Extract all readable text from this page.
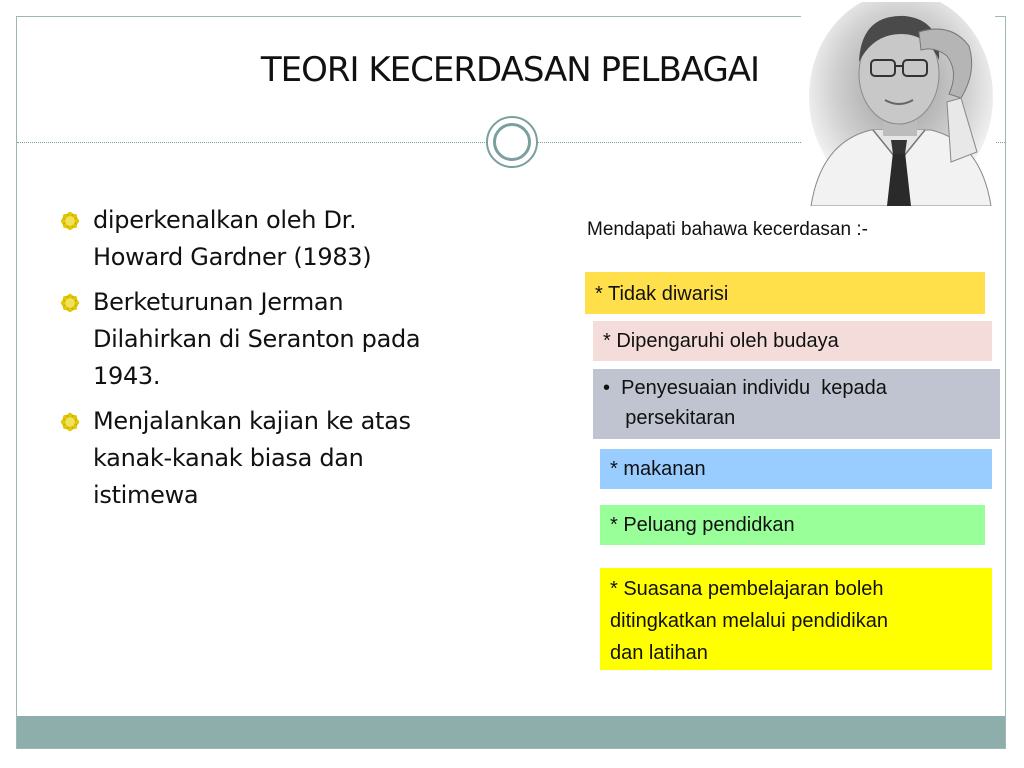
TEORI KECERDASAN PELBAGAI
diperkenalkan oleh Dr.
Howard Gardner (1983)
Berketurunan Jerman
Dilahirkan di Seranton pada
1943.
Menjalankan kajian ke atas
kanak-kanak biasa dan
istimewa
Mendapati bahawa kecerdasan :-
* Tidak diwarisi
* Dipengaruhi oleh budaya
•  Penyesuaian individu  kepada
persekitaran
* makanan
* Peluang pendidkan
* Suasana pembelajaran boleh
ditingkatkan melalui pendidikan
dan latihan
